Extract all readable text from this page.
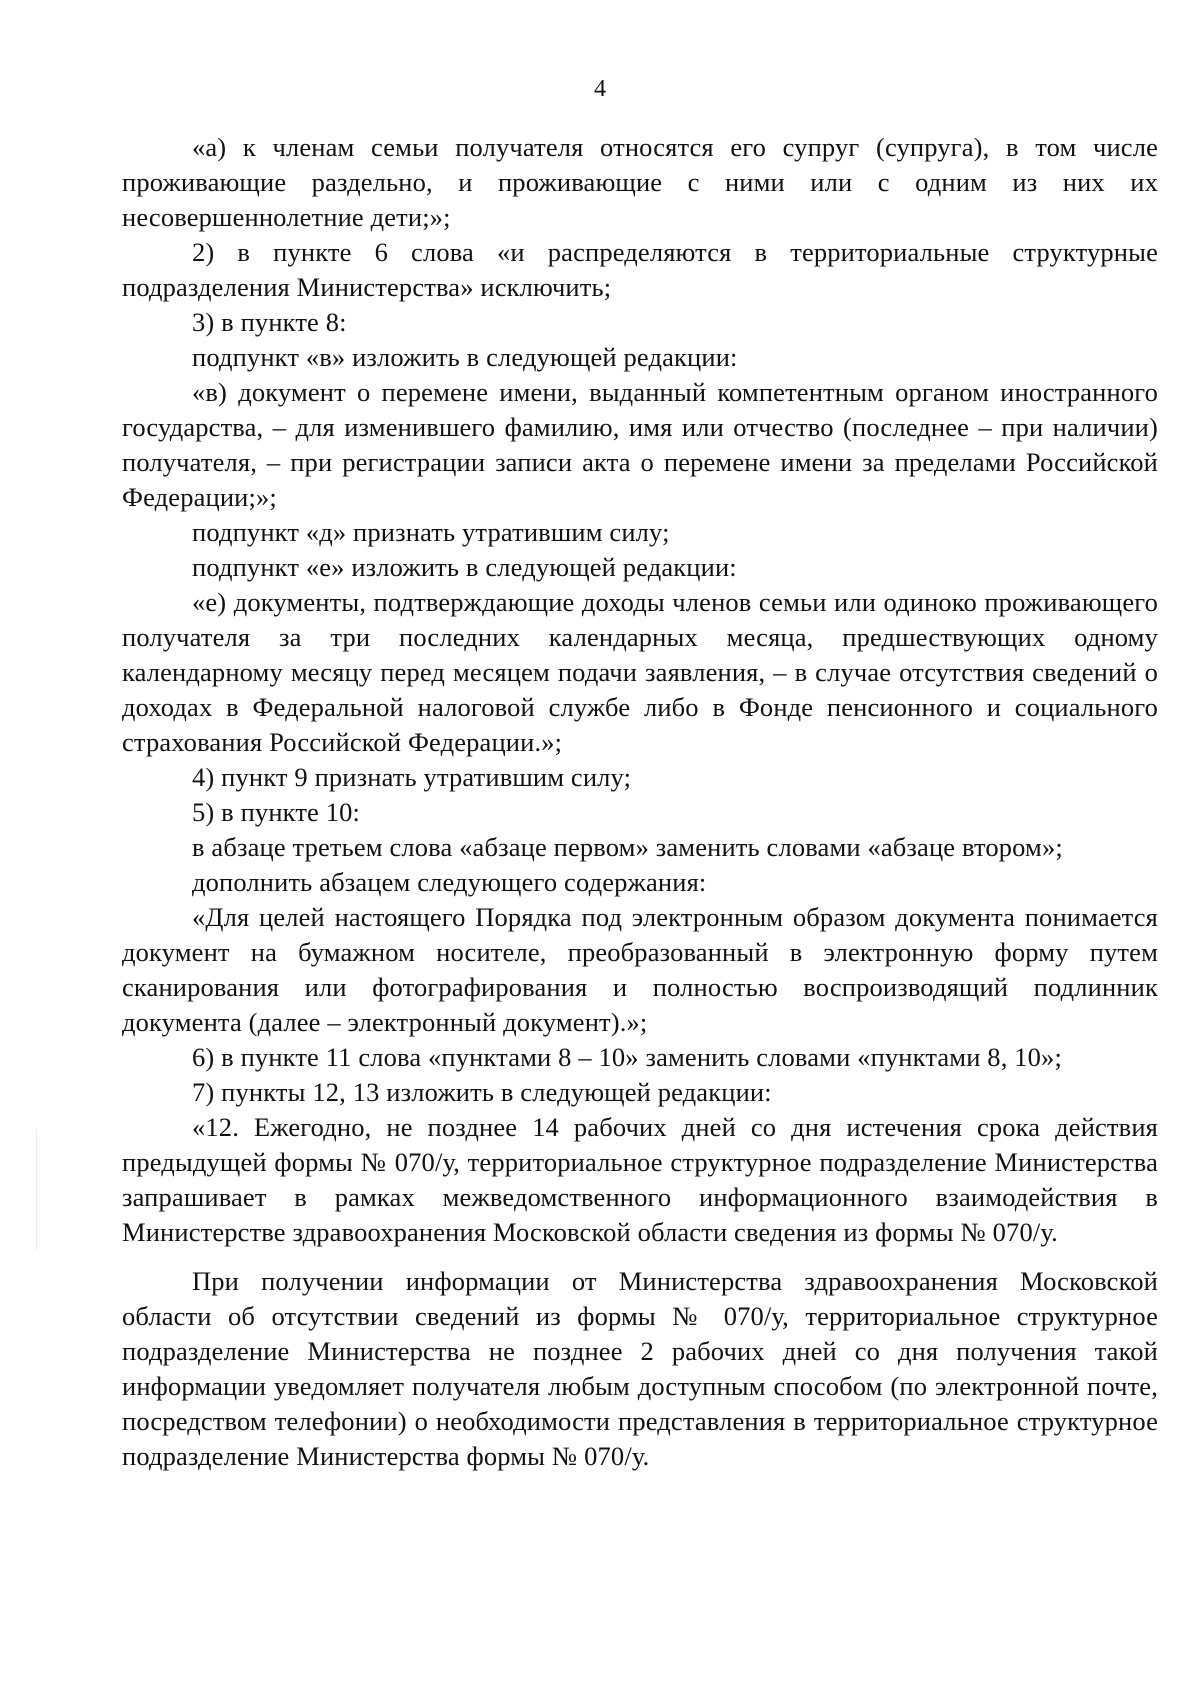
4

«а) к членам семьи получателя относятся его супруг (супруга), в том числе проживающие раздельно, и проживающие с ними или с одним из них их несовершеннолетние дети;»;

2) в пункте 6 слова «и распределяются в территориальные структурные подразделения Министерства» исключить;

3) в пункте 8:

подпункт «в» изложить в следующей редакции:

«в) документ о перемене имени, выданный компетентным органом иностранного государства, – для изменившего фамилию, имя или отчество (последнее – при наличии) получателя, – при регистрации записи акта о перемене имени за пределами Российской Федерации;»;

подпункт «д» признать утратившим силу;

подпункт «е» изложить в следующей редакции:

«е) документы, подтверждающие доходы членов семьи или одиноко проживающего получателя за три последних календарных месяца, предшествующих одному календарному месяцу перед месяцем подачи заявления, – в случае отсутствия сведений о доходах в Федеральной налоговой службе либо в Фонде пенсионного и социального страхования Российской Федерации.»;

4) пункт 9 признать утратившим силу;

5) в пункте 10:

в абзаце третьем слова «абзаце первом» заменить словами «абзаце втором»;

дополнить абзацем следующего содержания:

«Для целей настоящего Порядка под электронным образом документа понимается документ на бумажном носителе, преобразованный в электронную форму путем сканирования или фотографирования и полностью воспроизводящий подлинник документа (далее – электронный документ).»;

6) в пункте 11 слова «пунктами 8 – 10» заменить словами «пунктами 8, 10»;

7) пункты 12, 13 изложить в следующей редакции:

«12. Ежегодно, не позднее 14 рабочих дней со дня истечения срока действия предыдущей формы № 070/у, территориальное структурное подразделение Министерства запрашивает в рамках межведомственного информационного взаимодействия в Министерстве здравоохранения Московской области сведения из формы № 070/у.

При получении информации от Министерства здравоохранения Московской области об отсутствии сведений из формы № 070/у, территориальное структурное подразделение Министерства не позднее 2 рабочих дней со дня получения такой информации уведомляет получателя любым доступным способом (по электронной почте, посредством телефонии) о необходимости представления в территориальное структурное подразделение Министерства формы № 070/у.
